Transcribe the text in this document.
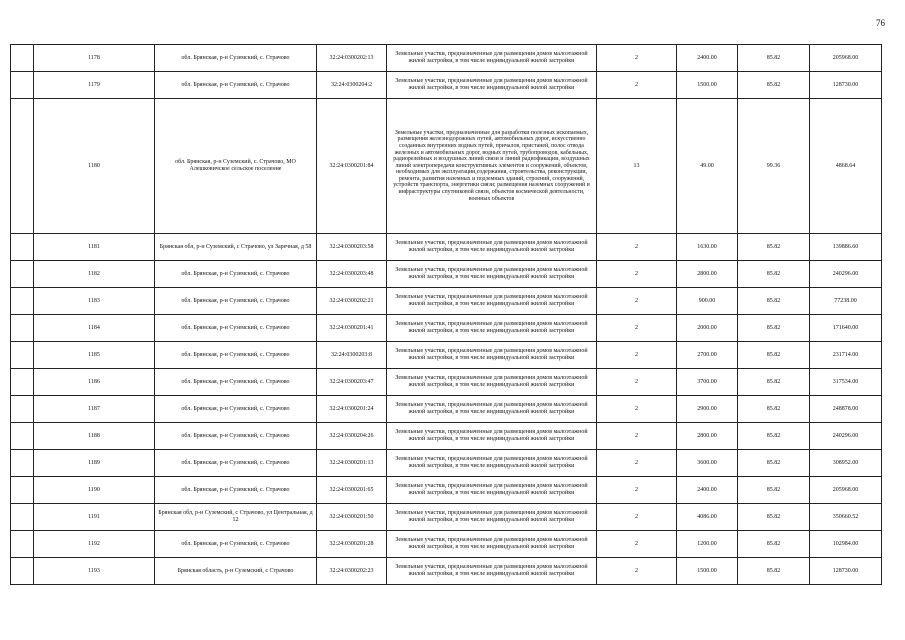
76
	1178	обл. Брянская, р-н Суземский, с. Страчово	32:24:0300202:13	Земельные участки, предназначенные для размещения домов малоэтажной жилой застройки, в том числе индивидуальной жилой застройки	2	2400.00	85.82	205968.00
	1179	обл. Брянская, р-н Суземский, с. Страчово	32:24:0300204:2	Земельные участки, предназначенные для размещения домов малоэтажной жилой застройки, в том числе индивидуальной жилой застройки	2	1500.00	85.82	128730.00
	1180	обл. Брянская, р-н Суземский, с. Страчово, МО Алешковичское сельское поселение	32:24:0300201:84	Земельные участки, предназначенные для разработки полезных ископаемых, размещения железнодорожных путей, автомобильных дорог, искусственно созданных внутренних водных путей, причалов, пристаней, полос отвода железных и автомобильных дорог, водных путей, трубопроводов, кабельных, радиорелейных и воздушных линий связи и линий радиофикации, воздушных линий электропередачи конструктивных элементов и сооружений, объектов, необходимых для эксплуатации,содержания, строительства, реконструкции, ремонта, развития наземных и подземных зданий, строений, сооружений, устройств транспорта, энергетики связи; размещения наземных сооружений и инфраструктуры спутниковой связи, объектов космической деятельности, военных объектов	13	49.00	99.36	4868.64
	1181	Брянская обл, р-н Суземский, с Страчово, ул Заречная, д 58	32:24:0300203:58	Земельные участки, предназначенные для размещения домов малоэтажной жилой застройки, в том числе индивидуальной жилой застройки	2	1630.00	85.82	139886.60
	1182	обл. Брянская, р-н Суземский, с. Страчово	32:24:0300203:48	Земельные участки, предназначенные для размещения домов малоэтажной жилой застройки, в том числе индивидуальной жилой застройки	2	2800.00	85.82	240296.00
	1183	обл. Брянская, р-н Суземский, с. Страчово	32:24:0300202:21	Земельные участки, предназначенные для размещения домов малоэтажной жилой застройки, в том числе индивидуальной жилой застройки	2	900.00	85.82	77238.00
	1184	обл. Брянская, р-н Суземский, с. Страчово	32:24:0300201:41	Земельные участки, предназначенные для размещения домов малоэтажной жилой застройки, в том числе индивидуальной жилой застройки	2	2000.00	85.82	171640.00
	1185	обл. Брянская, р-н Суземский, с. Страчово	32:24:0300203:8	Земельные участки, предназначенные для размещения домов малоэтажной жилой застройки, в том числе индивидуальной жилой застройки	2	2700.00	85.82	231714.00
	1186	обл. Брянская, р-н Суземский, с. Страчово	32:24:0300203:47	Земельные участки, предназначенные для размещения домов малоэтажной жилой застройки, в том числе индивидуальной жилой застройки	2	3700.00	85.82	317534.00
	1187	обл. Брянская, р-н Суземский, с. Страчово	32:24:0300201:24	Земельные участки, предназначенные для размещения домов малоэтажной жилой застройки, в том числе индивидуальной жилой застройки	2	2900.00	85.82	248878.00
	1188	обл. Брянская, р-н Суземский, с. Страчово	32:24:0300204:26	Земельные участки, предназначенные для размещения домов малоэтажной жилой застройки, в том числе индивидуальной жилой застройки	2	2800.00	85.82	240296.00
	1189	обл. Брянская, р-н Суземский, с. Страчово	32:24:0300201:13	Земельные участки, предназначенные для размещения домов малоэтажной жилой застройки, в том числе индивидуальной жилой застройки	2	3600.00	85.82	308952.00
	1190	обл. Брянская, р-н Суземский, с. Страчово	32:24:0300201:65	Земельные участки, предназначенные для размещения домов малоэтажной жилой застройки, в том числе индивидуальной жилой застройки	2	2400.00	85.82	205968.00
	1191	Брянская обл, р-н Суземский, с Страчово, ул Центральная, д 12	32:24:0300201:50	Земельные участки, предназначенные для размещения домов малоэтажной жилой застройки, в том числе индивидуальной жилой застройки	2	4086.00	85.82	350660.52
	1192	обл. Брянская, р-н Суземский, с. Страчово	32:24:0300201:28	Земельные участки, предназначенные для размещения домов малоэтажной жилой застройки, в том числе индивидуальной жилой застройки	2	1200.00	85.82	102984.00
	1193	Брянская область, р-н Суземский, с Страчово	32:24:0300202:23	Земельные участки, предназначенные для размещения домов малоэтажной жилой застройки, в том числе индивидуальной жилой застройки	2	1500.00	85.82	128730.00
